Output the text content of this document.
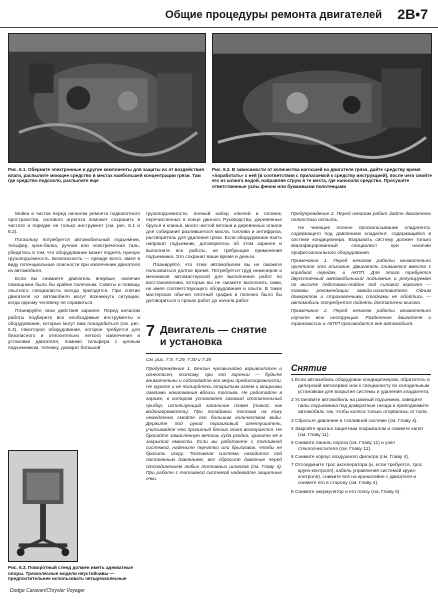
Общие процедуры ремонта двигателей 2В•7
Рис. 6.1. Оберните электронные и другие компоненты для защиты их от воздействия влаги, распылите моющее средство в местах наибольшей концентрации грязи. Там где средство подсохло, распылите еще
Рис. 6.2. В зависимости от количества нагосшей на двигателе грязи, дайте средству время «поработать» с ней (в соответствии с прилагаемой к средству инструкцией), после чего смойте его из шланга водой, направляя струю в те места, где наносили средство. Просушите ответственные узлы феном или бумажными полотенцами

Мойка и чистка перед началом ремонта подкапотного пространства, силового агрегата поможет сохранить в чистоте и порядке не только инструмент (см. рис. 6.1 и 6.2).

Поскольку потребуется автомобильный подъемник, тельфер, кран-балка, ручная или электрическая таль, убедитесь в том, что оборудование может поднять нужную грузоподъемность. Безопасность — прежде всего, имея в виду потенциальные опасности при извлечении двигателя из автомобиля.

Если вы снимаете двигатель впервые, наличие помощника было бы крайне полезным. Советы и помощь опытного специалиста всегда пригодятся. При снятии двигателя из автомобиля могут возникнуть ситуации, когда одному человеку не справиться.

Планируйте свои действия заранее. Перед началом работы подберите все необходимые инструменты и оборудование, которые могут вам понадобиться (см. рис. 6.3). Некоторое оборудование, которое требуется для безопасного и относительно легкого извлечения и установки двигателя, помимо тельфера с цепным подъемником, тележку, домкрат большой

Рис. 6.3. Поворотный стенд должен иметь адекватные опоры. Трехколесные модели неустойчивы — предпочтительнее использовать четырехколесные

грузоподъемности, полный набор ключей и головок, перечисленных в конце данного Руководства, деревянные брусья и клинья, много чистой ветоши и деревянных опилок для собирания разлившегося масла, топлива и антифриза, растворитель для удаления грязи. Если оборудование взять напрокат подъемник, договоритесь об этом заранее и выполните все работы, не требующие применения подъемника. Это сохранит ваше время и деньги.

Планируйте, что этим автомобилем вы не сможете пользоваться долгое время. Потребуется труд инженеров и механиков автомастерской для выполнения работ по восстановлению, которые вы не сможете выполнить сами, не имея соответствующего оборудования и опыта. В таких мастерских обычно плотный график и полезно было бы договориться о сроках работ до начала работ.

7 Двигатель — снятие
и установка
См. рис. 7.9, 7.29, 7.30 и 7.35

Предупреждение 1. Бензин чрезвычайно взрывоопасен и огнеопасен, поэтому, при его горении — будьте внимательны и соблюдайте все меры предосторожности. Не курите и не пользуйтесь открытым огнем и мощными лампами накаливания вблизи топлива. Не работайте в гараже, в котором установлен газовый отопительный прибор, использующий запальное пламя (такой, как водонагреватель). При попадании топлива на кожу немедленно смойте его большим количеством воды. Держите под рукой порошковый огнетушитель, учитывайте что пролитый бензин легко возгорается. Не бросайте замасленную ветошь куда угодно, храните её в закрытой емкости. Если вы работаете с топливной системой, наденьте перчатки или брызговик, чтобы не бросить искру. Топливная система находится под постоянным давлением, все сбросьте давление перед отсоединением любых топливных шлангов (см. Главу 4). При работе с топливной системой надевайте защитные очки.

Предупреждение 2. Перед началом работ дайте двигателю полностью остыть.

Не чинящее полное проскальзывание хладагента, содержащего под давлением хладагент, содержащийся в системе кондиционера. Вскрывать систему должен только квалифицированный специалист при наличии профессионального оборудования.

Примечание 1. Перед началом работы внимательно прочтите это описание. Двигатель снимается вместе с коробкой передач, и АКПП. Для этого требуется двухстоечный автомобильный подъемник и регулируемая по высоте подставка-поддон под силовой агрегат — таковы рекомендации завода-изготовителя. Одним домкратом и страховочными стойками не обойтись — автомобиль потребуется поднять достаточно высоко.

Примечание 2. Перед началом работы внимательно изучите всю инструкцию. Разделение двигателя и трансмиссии и АКПП производится вне автомобиля.

Снятие
1 Если автомобиль оборудован кондиционером, обратитесь в дилерский автосервис или к специалисту по холодильным установкам для вскрытия системы и удаления хладагента.
2 Установите автомобиль на рамный подъемник, заведите лапы подъемника под домкратные гнезда и приподнимите автомобиль так, чтобы колеса только оторвались от пола.
3 Сбросьте давление в топливной системе (см. Главу 4).
4 Закройте крылья защитным покрывалом и снимите капот (см. Главу 11).
5 Снимите панель порога (см. Главу 11) и узел стеклоочистителя (см. Главу 12).
6 Снимите корпус воздушного фильтра (см. Главу 4).
7 Отсоедините трос акселератора (и, если требуется, трос круиз-контроля), кабель управления системой круиз-контроля), снимите всё на кронштейне с двигателя и снимите его в сторону (см. Главу 4).
8 Снимите аккумулятор и его полку (см. Главу 5).
Dodge Caravan/Chrysler Voyager
